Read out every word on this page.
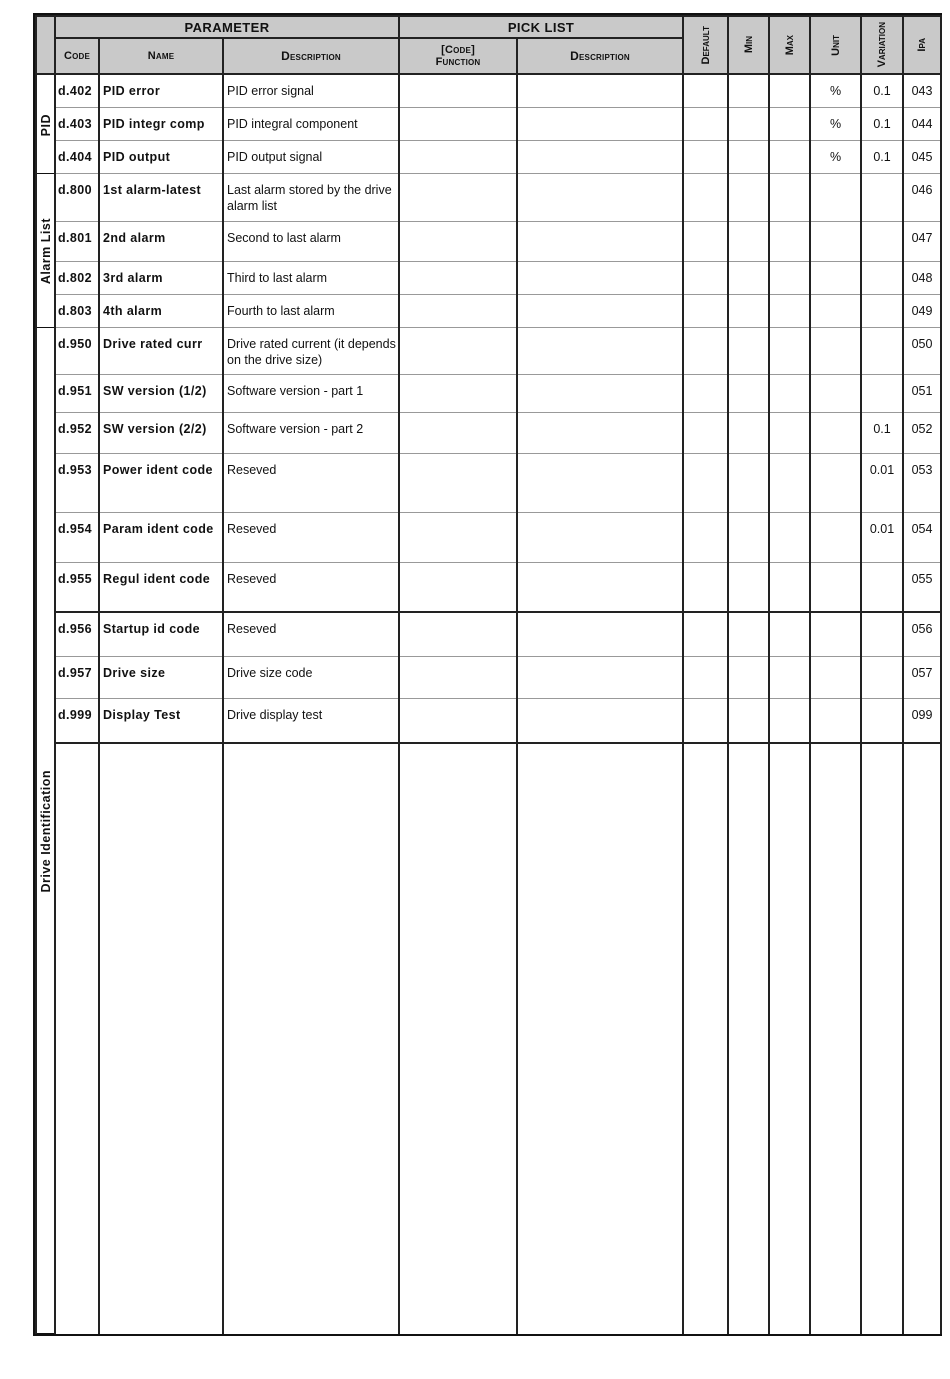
	PARAMETER			PICK LIST		Default	Min	Max	Unit	Variation	Ipa

	Code	Name	Description	[Code]
Function	Description						

PID	d.402	PID error	PID error signal						%	0.1	043
	d.403	PID integr comp	PID integral component						%	0.1	044
	d.404	PID output	PID output signal						%	0.1	045

Alarm List	d.800	1st alarm-latest	Last alarm stored by the drive alarm list								046
	d.801	2nd alarm	Second to last alarm								047
	d.802	3rd alarm	Third to last alarm								048
	d.803	4th alarm	Fourth to last alarm								049

Drive Identification	d.950	Drive rated curr	Drive rated current (it depends on the drive size)								050
	d.951	SW version (1/2)	Software version - part 1								051
	d.952	SW version (2/2)	Software version - part 2							0.1	052
	d.953	Power ident code	Reseved							0.01	053
	d.954	Param ident code	Reseved							0.01	054
	d.955	Regul ident code	Reseved								055
	d.956	Startup id code	Reseved								056
	d.957	Drive size	Drive size code								057
	d.999	Display Test	Drive display test								099
